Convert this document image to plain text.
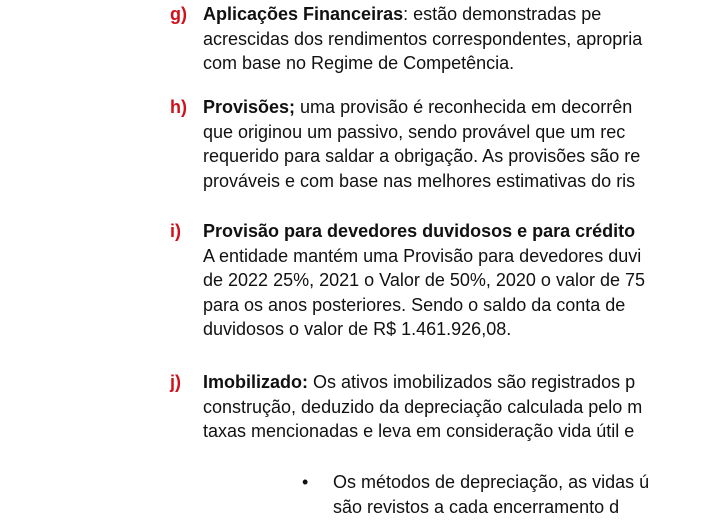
g) Aplicações Financeiras: estão demonstradas pe
acrescidas dos rendimentos correspondentes, apropria
com base no Regime de Competência.
h) Provisões; uma provisão é reconhecida em decorrên
que originou um passivo, sendo provável que um rec
requerido para saldar a obrigação. As provisões são re
prováveis e com base nas melhores estimativas do ris
i) Provisão para devedores duvidosos e para crédito
A entidade mantém uma Provisão para devedores duvi
de 2022 25%, 2021 o Valor de 50%, 2020 o valor de 75
para os anos posteriores. Sendo o saldo da conta de
duvidosos o valor de R$ 1.461.926,08.
j) Imobilizado: Os ativos imobilizados são registrados p
construção, deduzido da depreciação calculada pelo m
taxas mencionadas e leva em consideração vida útil e
• Os métodos de depreciação, as vidas ú
são revistos a cada encerramento d
